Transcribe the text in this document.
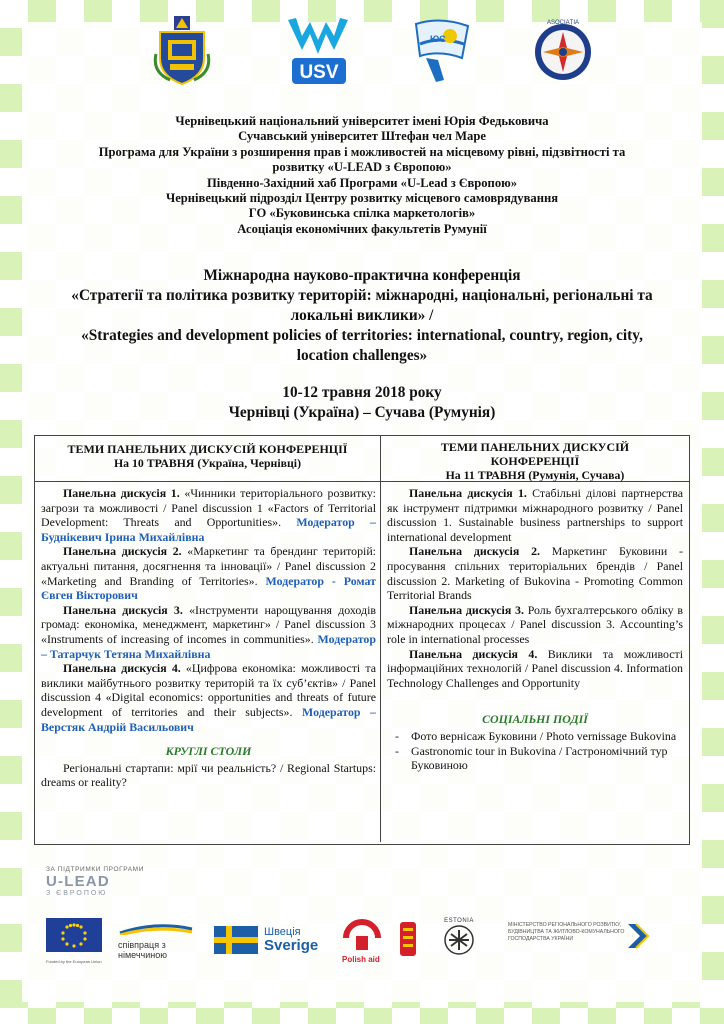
USV
ЮС
ASOCIAȚIA
Чернівецький національний університет імені Юрія Федьковича
Сучавський університет Штефан чел Маре
Програма для України з розширення прав і можливостей на місцевому рівні, підзвітності та
розвитку «U-LEAD з Європою»
Південно-Західний хаб Програми «U-Lead з Європою»
Чернівецький підрозділ Центру розвитку місцевого самоврядування
ГО «Буковинська спілка маркетологів»
Асоціація економічних факультетів Румунії
Міжнародна науково-практична конференція
«Стратегії та політика розвитку територій: міжнародні, національні, регіональні та
локальні виклики» /
«Strategies and development policies of territories: international, country, region, city,
location challenges»
10-12 травня 2018 року
Чернівці (Україна) – Сучава (Румунія)
ТЕМИ ПАНЕЛЬНИХ ДИСКУСІЙ КОНФЕРЕНЦІЇ
На 10 ТРАВНЯ (Україна, Чернівці)
ТЕМИ ПАНЕЛЬНИХ ДИСКУСІЙ КОНФЕРЕНЦІЇ
На 11 ТРАВНЯ (Румунія, Сучава)

Панельна дискусія 1. «Чинники територіального розвитку: загрози та можливості / Panel discussion 1 «Factors of Territorial Development: Threats and Opportunities». Модератор – Буднікевич Ірина Михайлівна

Панельна дискусія 2. «Маркетинг та брендинг територій: актуальні питання, досягнення та інновації» / Panel discussion 2 «Marketing and Branding of Territories». Модератор - Ромат Євген Вікторович

Панельна дискусія 3. «Інструменти нарощування доходів громад: економіка, менеджмент, маркетинг» / Panel discussion 3 «Instruments of increasing of incomes in communities». Модератор – Татарчук Тетяна Михайлівна

Панельна дискусія 4. «Цифрова економіка: можливості та виклики майбутнього розвитку територій та їх суб’єктів» / Panel discussion 4 «Digital economics: opportunities and threats of future development of territories and their subjects». Модератор – Верстяк Андрій Васильович

КРУГЛІ СТОЛИ

Регіональні стартапи: мрії чи реальність? / Regional Startups: dreams or reality?

Панельна дискусія 1. Стабільні ділові партнерства як інструмент підтримки міжнародного розвитку / Panel discussion 1. Sustainable business partnerships to support international development

Панельна дискусія 2. Маркетинг Буковини - просування спільних територіальних брендів / Panel discussion 2. Marketing of Bukovina - Promoting Common Territorial Brands

Панельна дискусія 3. Роль бухгалтерського обліку в міжнародних процесах / Panel discussion 3. Accounting’s role in international processes

Панельна дискусія 4. Виклики та можливості інформаційних технологій / Panel discussion 4. Information Technology Challenges and Opportunity

СОЦІАЛЬНІ ПОДІЇ

- Фото вернісаж Буковини / Photo vernissage Bukovina

- Gastronomic tour in Bukovina / Гастрономічний тур Буковиною

ЗА ПІДТРИМКИ ПРОГРАМИ
U-LEAD
З ЄВРОПОЮ
Funded by the European Union
співпраця з німеччиною
Швеція
Sverige
Polish aid
ESTONIA
МІНІСТЕРСТВО РЕГІОНАЛЬНОГО РОЗВИТКУ, БУДІВНИЦТВА ТА ЖИТЛОВО-КОМУНАЛЬНОГО ГОСПОДАРСТВА УКРАЇНИ
